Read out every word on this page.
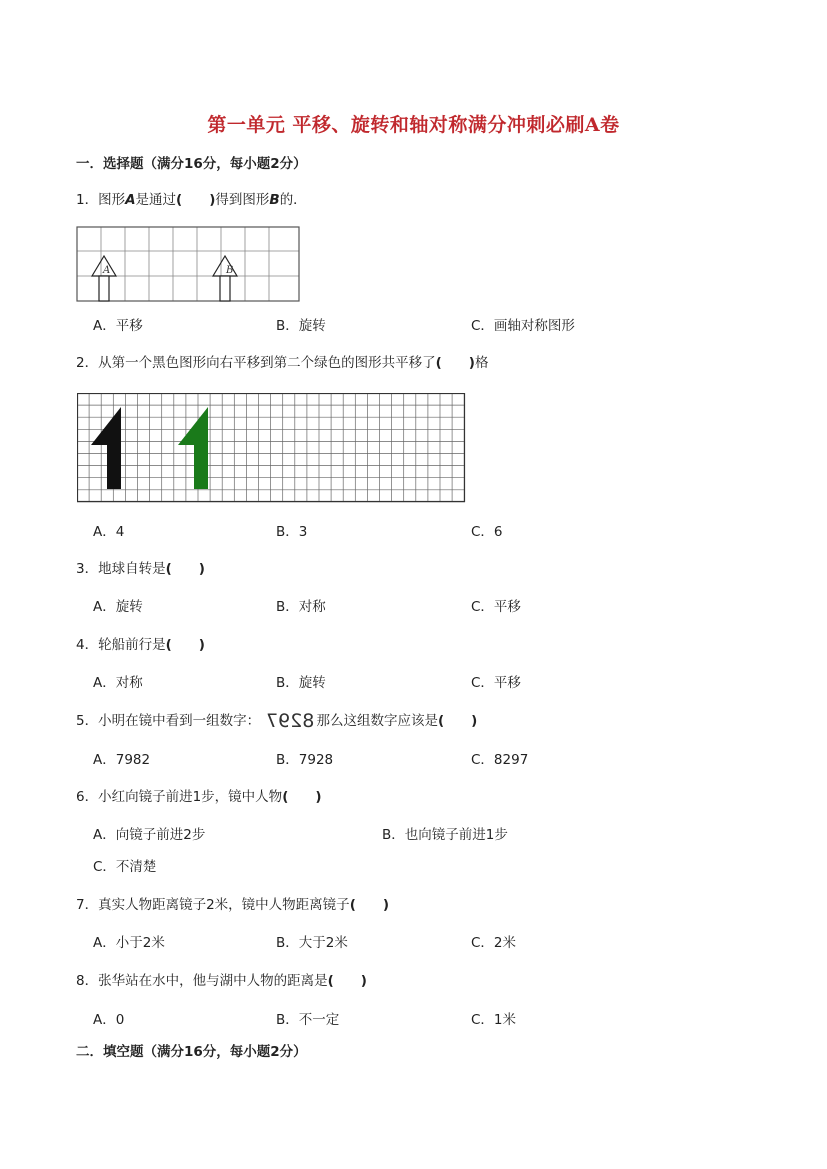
第一单元 平移、旋转和轴对称满分冲刺必刷A卷
一．选择题（满分16分，每小题2分）
1．图形A是通过(　　)得到图形B的．
A	B
A．平移	B．旋转	C．画轴对称图形
2．从第一个黑色图形向右平移到第二个绿色的图形共平移了(　　)格
A．4	B．3	C．6
3．地球自转是(　　)
A．旋转	B．对称	C．平移
4．轮船前行是(　　)
A．对称	B．旋转	C．平移
5．小明在镜中看到一组数字： 8297 那么这组数字应该是(　　)
A．7982	B．7928	C．8297
6．小红向镜子前进1步，镜中人物(　　)
A．向镜子前进2步	B．也向镜子前进1步
C．不清楚
7．真实人物距离镜子2米，镜中人物距离镜子(　　)
A．小于2米	B．大于2米	C．2米
8．张华站在水中，他与湖中人物的距离是(　　)
A．0	B．不一定	C．1米
二．填空题（满分16分，每小题2分）
